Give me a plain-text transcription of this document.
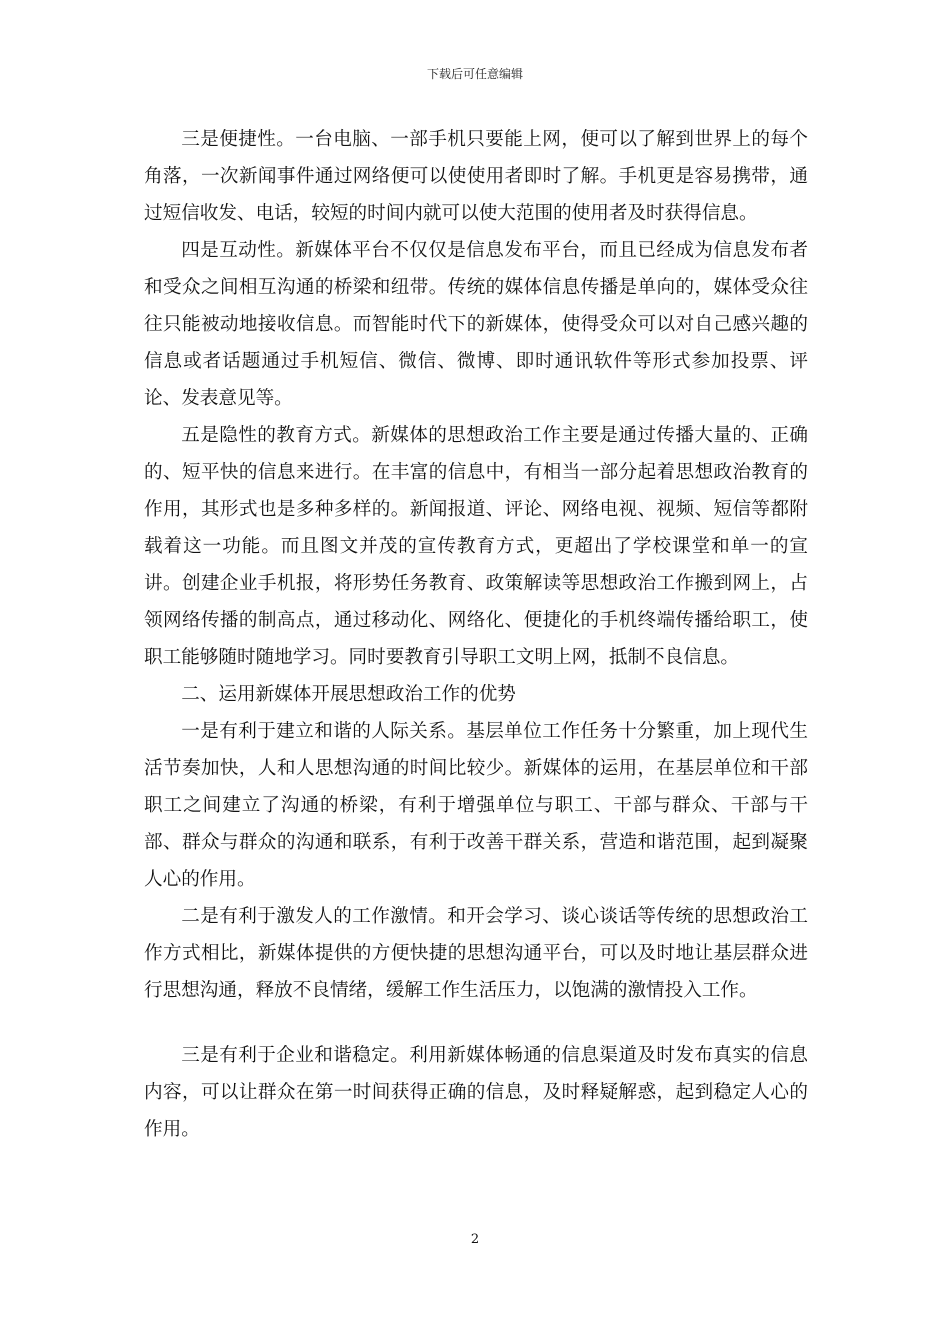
下载后可任意编辑

三是便捷性。一台电脑、一部手机只要能上网，便可以了解到世界上的每个角落，一次新闻事件通过网络便可以使使用者即时了解。手机更是容易携带，通过短信收发、电话，较短的时间内就可以使大范围的使用者及时获得信息。

四是互动性。新媒体平台不仅仅是信息发布平台，而且已经成为信息发布者和受众之间相互沟通的桥梁和纽带。传统的媒体信息传播是单向的，媒体受众往往只能被动地接收信息。而智能时代下的新媒体，使得受众可以对自己感兴趣的信息或者话题通过手机短信、微信、微博、即时通讯软件等形式参加投票、评论、发表意见等。

五是隐性的教育方式。新媒体的思想政治工作主要是通过传播大量的、正确的、短平快的信息来进行。在丰富的信息中，有相当一部分起着思想政治教育的作用，其形式也是多种多样的。新闻报道、评论、网络电视、视频、短信等都附载着这一功能。而且图文并茂的宣传教育方式，更超出了学校课堂和单一的宣讲。创建企业手机报，将形势任务教育、政策解读等思想政治工作搬到网上，占领网络传播的制高点，通过移动化、网络化、便捷化的手机终端传播给职工，使职工能够随时随地学习。同时要教育引导职工文明上网，抵制不良信息。

二、运用新媒体开展思想政治工作的优势

一是有利于建立和谐的人际关系。基层单位工作任务十分繁重，加上现代生活节奏加快，人和人思想沟通的时间比较少。新媒体的运用，在基层单位和干部职工之间建立了沟通的桥梁，有利于增强单位与职工、干部与群众、干部与干部、群众与群众的沟通和联系，有利于改善干群关系，营造和谐范围，起到凝聚人心的作用。

二是有利于激发人的工作激情。和开会学习、谈心谈话等传统的思想政治工作方式相比，新媒体提供的方便快捷的思想沟通平台，可以及时地让基层群众进行思想沟通，释放不良情绪，缓解工作生活压力，以饱满的激情投入工作。

三是有利于企业和谐稳定。利用新媒体畅通的信息渠道及时发布真实的信息内容，可以让群众在第一时间获得正确的信息，及时释疑解惑，起到稳定人心的作用。

2
